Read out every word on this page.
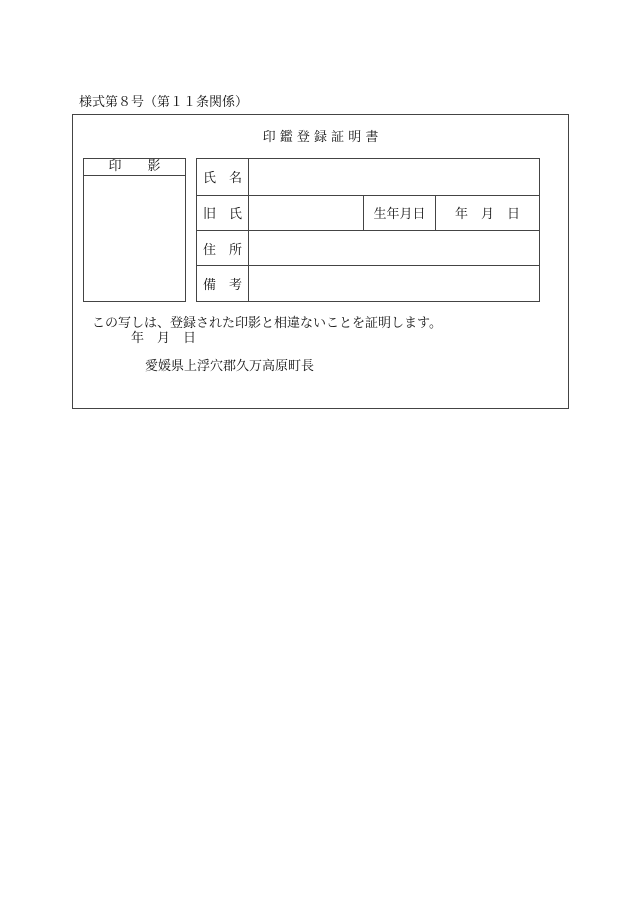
様式第８号（第１１条関係）
印 鑑 登 録 証 明 書
印　　影
氏　名			
旧　氏		生年月日	年　月　日
住　所			
備　考			
この写しは、登録された印影と相違ないことを証明します。
年　月　日
愛媛県上浮穴郡久万高原町長
